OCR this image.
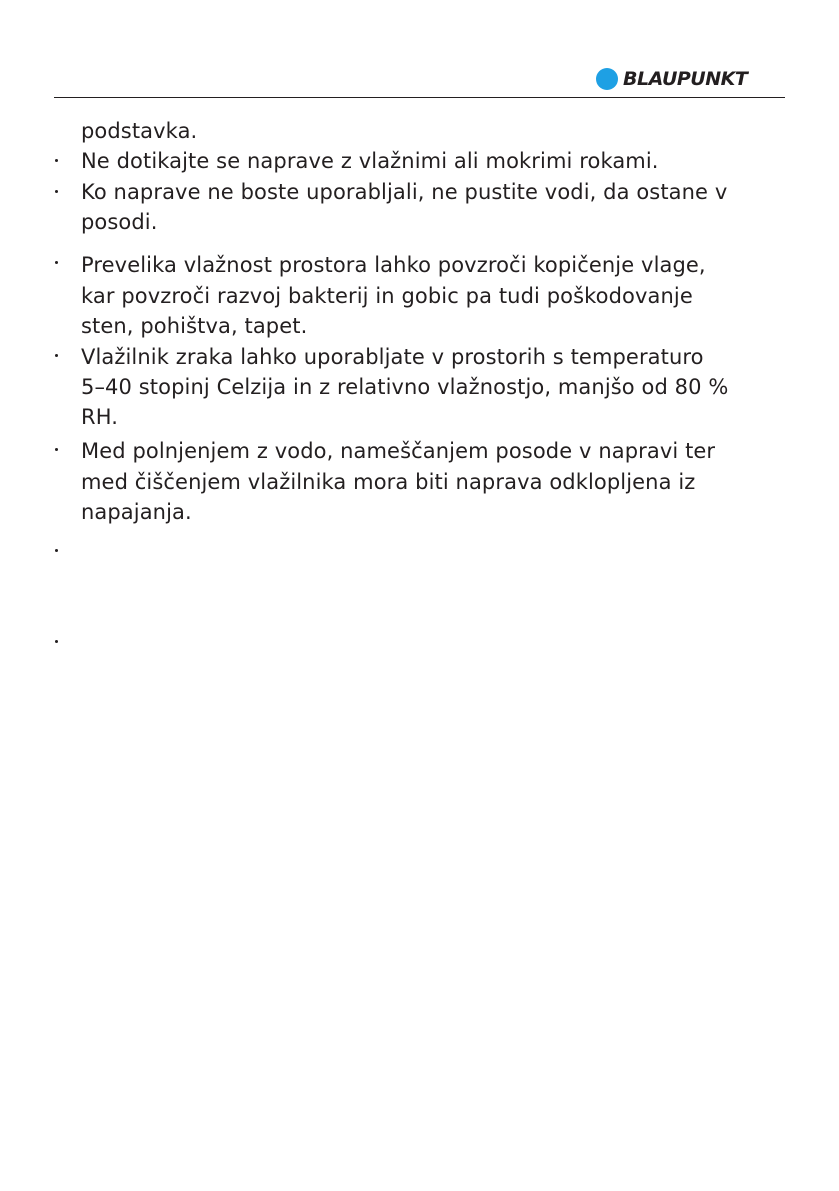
BLAUPUNKT
podstavka.
Ne dotikajte se naprave z vlažnimi ali mokrimi rokami.
Ko naprave ne boste uporabljali, ne pustite vodi, da ostane v
posodi.
Prevelika vlažnost prostora lahko povzroči kopičenje vlage,
kar povzroči razvoj bakterij in gobic pa tudi poškodovanje
sten, pohištva, tapet.
Vlažilnik zraka lahko uporabljate v prostorih s temperaturo
5–40 stopinj Celzija in z relativno vlažnostjo, manjšo od 80 %
RH.
Med polnjenjem z vodo, nameščanjem posode v napravi ter
med čiščenjem vlažilnika mora biti naprava odklopljena iz
napajanja.
